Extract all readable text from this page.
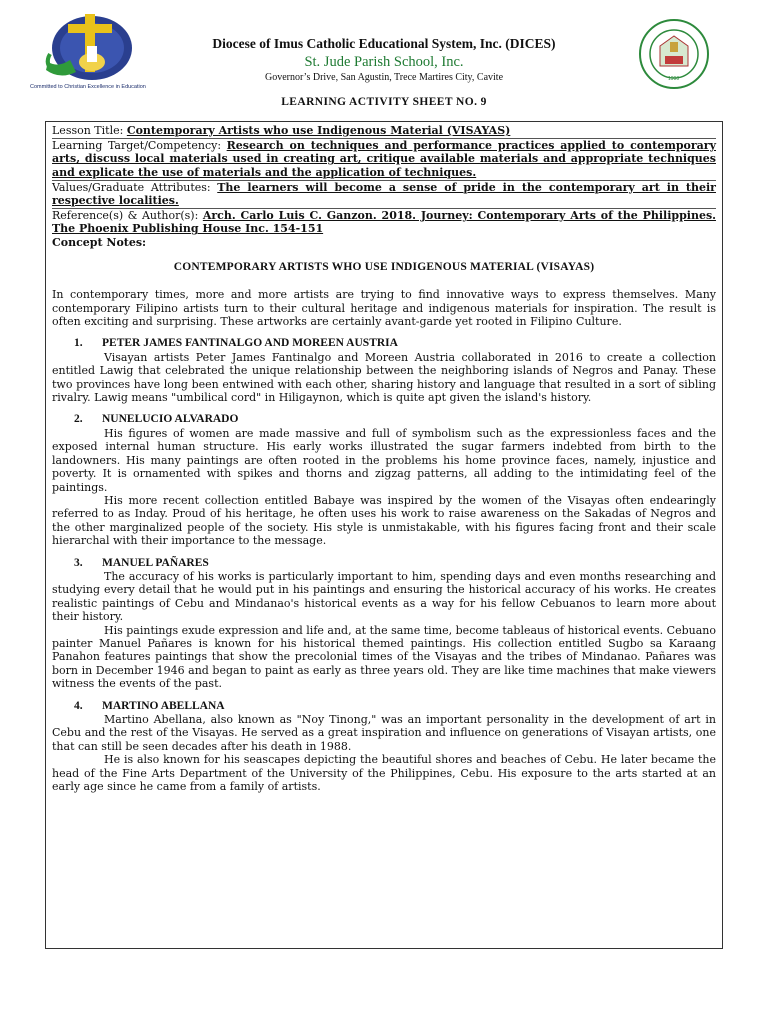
Committed to Christian Excellence in Education
1990
Diocese of Imus Catholic Educational System, Inc. (DICES)
St. Jude Parish School, Inc.
Governor’s Drive, San Agustin, Trece Martires City, Cavite
LEARNING ACTIVITY SHEET NO. 9
Lesson Title: Contemporary Artists who use Indigenous Material (VISAYAS)
Learning Target/Competency: Research on techniques and performance practices applied to contemporary arts, discuss local materials used in creating art, critique available materials and appropriate techniques and explicate the use of materials and the application of techniques.
Values/Graduate Attributes: The learners will become a sense of pride in the contemporary art in their respective localities.
Reference(s) & Author(s): Arch. Carlo Luis C. Ganzon. 2018. Journey: Contemporary Arts of the Philippines. The Phoenix Publishing House Inc. 154-151
Concept Notes:
CONTEMPORARY ARTISTS WHO USE INDIGENOUS MATERIAL (VISAYAS)

In contemporary times, more and more artists are trying to find innovative ways to express themselves. Many contemporary Filipino artists turn to their cultural heritage and indigenous materials for inspiration. The result is often exciting and surprising. These artworks are certainly avant-garde yet rooted in Filipino Culture.

1. PETER JAMES FANTINALGO AND MOREEN AUSTRIA

Visayan artists Peter James Fantinalgo and Moreen Austria collaborated in 2016 to create a collection entitled Lawig that celebrated the unique relationship between the neighboring islands of Negros and Panay. These two provinces have long been entwined with each other, sharing history and language that resulted in a sort of sibling rivalry. Lawig means "umbilical cord" in Hiligaynon, which is quite apt given the island's history.

2. NUNELUCIO ALVARADO

His figures of women are made massive and full of symbolism such as the expressionless faces and the exposed internal human structure. His early works illustrated the sugar farmers indebted from birth to the landowners. His many paintings are often rooted in the problems his home province faces, namely, injustice and poverty. It is ornamented with spikes and thorns and zigzag patterns, all adding to the intimidating feel of the paintings.

His more recent collection entitled Babaye was inspired by the women of the Visayas often endearingly referred to as Inday. Proud of his heritage, he often uses his work to raise awareness on the Sakadas of Negros and the other marginalized people of the society. His style is unmistakable, with his figures facing front and their scale hierarchal with their importance to the message.

3. MANUEL PAÑARES

The accuracy of his works is particularly important to him, spending days and even months researching and studying every detail that he would put in his paintings and ensuring the historical accuracy of his works. He creates realistic paintings of Cebu and Mindanao's historical events as a way for his fellow Cebuanos to learn more about their history.

His paintings exude expression and life and, at the same time, become tableaus of historical events. Cebuano painter Manuel Pañares is known for his historical themed paintings. His collection entitled Sugbo sa Karaang Panahon features paintings that show the precolonial times of the Visayas and the tribes of Mindanao. Pañares was born in December 1946 and began to paint as early as three years old. They are like time machines that make viewers witness the events of the past.

4. MARTINO ABELLANA

Martino Abellana, also known as "Noy Tinong," was an important personality in the development of art in Cebu and the rest of the Visayas. He served as a great inspiration and influence on generations of Visayan artists, one that can still be seen decades after his death in 1988.

He is also known for his seascapes depicting the beautiful shores and beaches of Cebu. He later became the head of the Fine Arts Department of the University of the Philippines, Cebu. His exposure to the arts started at an early age since he came from a family of artists.
